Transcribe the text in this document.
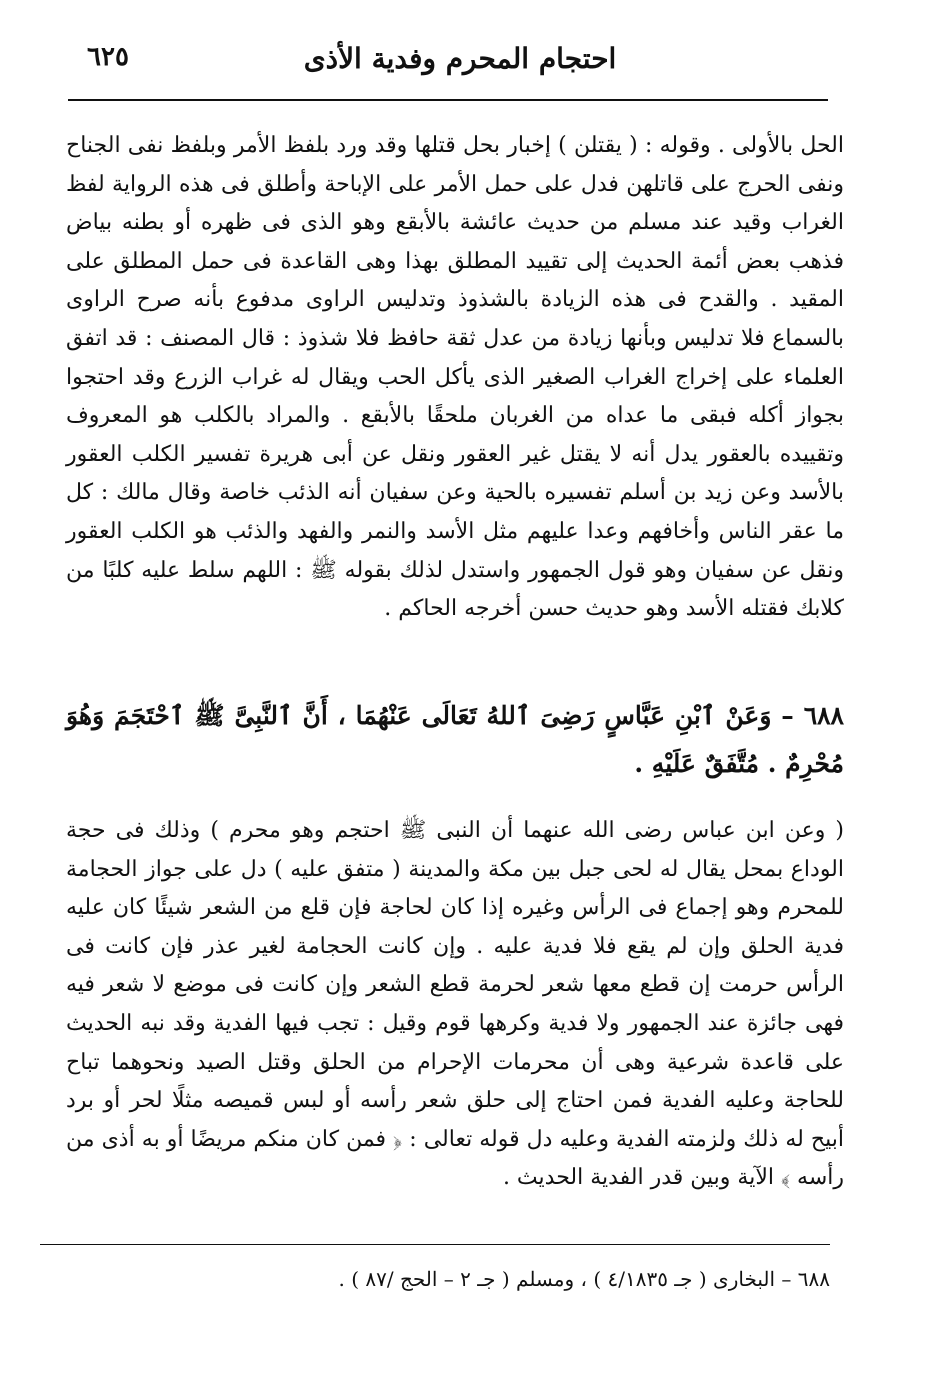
احتجام المحرم وفدية الأذى
٦٢٥

الحل بالأولى . وقوله : ( يقتلن ) إخبار بحل قتلها وقد ورد بلفظ الأمر وبلفظ نفى الجناح ونفى الحرج على قاتلهن فدل على حمل الأمر على الإباحة وأطلق فى هذه الرواية لفظ الغراب وقيد عند مسلم من حديث عائشة بالأبقع وهو الذى فى ظهره أو بطنه بياض فذهب بعض أئمة الحديث إلى تقييد المطلق بهذا وهى القاعدة فى حمل المطلق على المقيد . والقدح فى هذه الزيادة بالشذوذ وتدليس الراوى مدفوع بأنه صرح الراوى بالسماع فلا تدليس وبأنها زيادة من عدل ثقة حافظ فلا شذوذ : قال المصنف : قد اتفق العلماء على إخراج الغراب الصغير الذى يأكل الحب ويقال له غراب الزرع وقد احتجوا بجواز أكله فبقى ما عداه من الغربان ملحقًا بالأبقع . والمراد بالكلب هو المعروف وتقييده بالعقور يدل أنه لا يقتل غير العقور ونقل عن أبى هريرة تفسير الكلب العقور بالأسد وعن زيد بن أسلم تفسيره بالحية وعن سفيان أنه الذئب خاصة وقال مالك : كل ما عقر الناس وأخافهم وعدا عليهم مثل الأسد والنمر والفهد والذئب هو الكلب العقور ونقل عن سفيان وهو قول الجمهور واستدل لذلك بقوله ﷺ : اللهم سلط عليه كلبًا من كلابك فقتله الأسد وهو حديث حسن أخرجه الحاكم .

٦٨٨ – وَعَنْ ٱبْنِ عَبَّاسٍ رَضِىَ ٱللهُ تَعَالَى عَنْهُمَا ، أَنَّ ٱلنَّبِىَّ ﷺ ٱحْتَجَمَ وَهُوَ مُحْرِمٌ . مُتَّفَقٌ عَلَيْهِ .

( وعن ابن عباس رضى الله عنهما أن النبى ﷺ احتجم وهو محرم ) وذلك فى حجة الوداع بمحل يقال له لحى جبل بين مكة والمدينة ( متفق عليه ) دل على جواز الحجامة للمحرم وهو إجماع فى الرأس وغيره إذا كان لحاجة فإن قلع من الشعر شيئًا كان عليه فدية الحلق وإن لم يقع فلا فدية عليه . وإن كانت الحجامة لغير عذر فإن كانت فى الرأس حرمت إن قطع معها شعر لحرمة قطع الشعر وإن كانت فى موضع لا شعر فيه فهى جائزة عند الجمهور ولا فدية وكرهها قوم وقيل : تجب فيها الفدية وقد نبه الحديث على قاعدة شرعية وهى أن محرمات الإحرام من الحلق وقتل الصيد ونحوهما تباح للحاجة وعليه الفدية فمن احتاج إلى حلق شعر رأسه أو لبس قميصه مثلًا لحر أو برد أبيح له ذلك ولزمته الفدية وعليه دل قوله تعالى : ﴿ فمن كان منكم مريضًا أو به أذى من رأسه ﴾ الآية وبين قدر الفدية الحديث .

٦٨٨ – البخارى ( جـ ٤/١٨٣٥ ) ، ومسلم ( جـ ٢ – الحج /٨٧ ) .
